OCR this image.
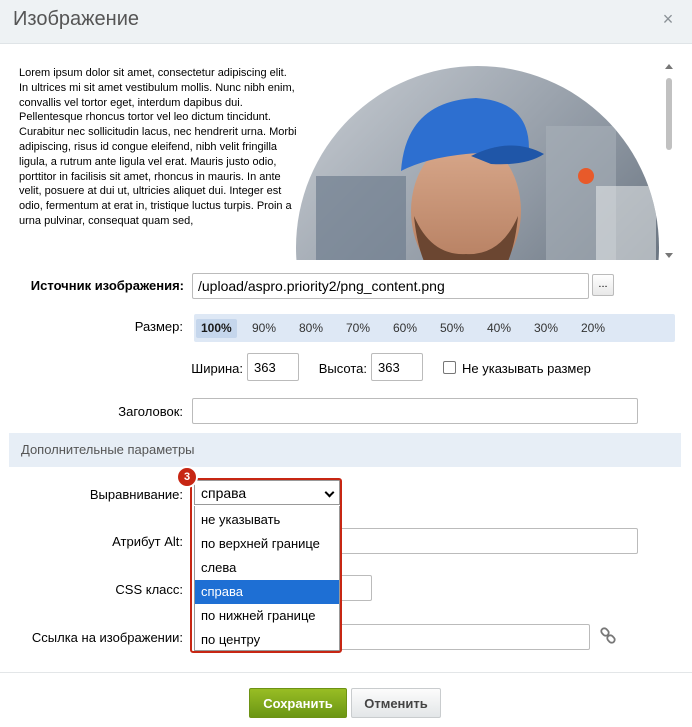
Изображение	×
Lorem ipsum dolor sit amet, consectetur adipiscing elit. In ultrices mi sit amet vestibulum mollis. Nunc nibh enim, convallis vel tortor eget, interdum dapibus dui. Pellentesque rhoncus tortor vel leo dictum tincidunt. Curabitur nec sollicitudin lacus, nec hendrerit urna. Morbi adipiscing, risus id congue eleifend, nibh velit fringilla ligula, a rutrum ante ligula vel erat. Mauris justo odio, porttitor in facilisis sit amet, rhoncus in mauris. In ante velit, posuere at dui ut, ultricies aliquet dui. Integer est odio, fermentum at erat in, tristique luctus turpis. Proin a urna pulvinar, consequat quam sed,
Источник изображения:
/upload/aspro.priority2/png_content.png	...
Размер:	100%	90%	80%	70%	60%	50%	40%	30%	20%
Ширина:
363	Высота:
363	Не указывать размер
Заголовок:
Дополнительные параметры
Выравнивание:	справа
Атрибут Alt:
CSS класс:
Ссылка на изображении:
не указывать
по верхней границе
слева
справа
по нижней границе
по центру
3
Сохранить	Отменить
